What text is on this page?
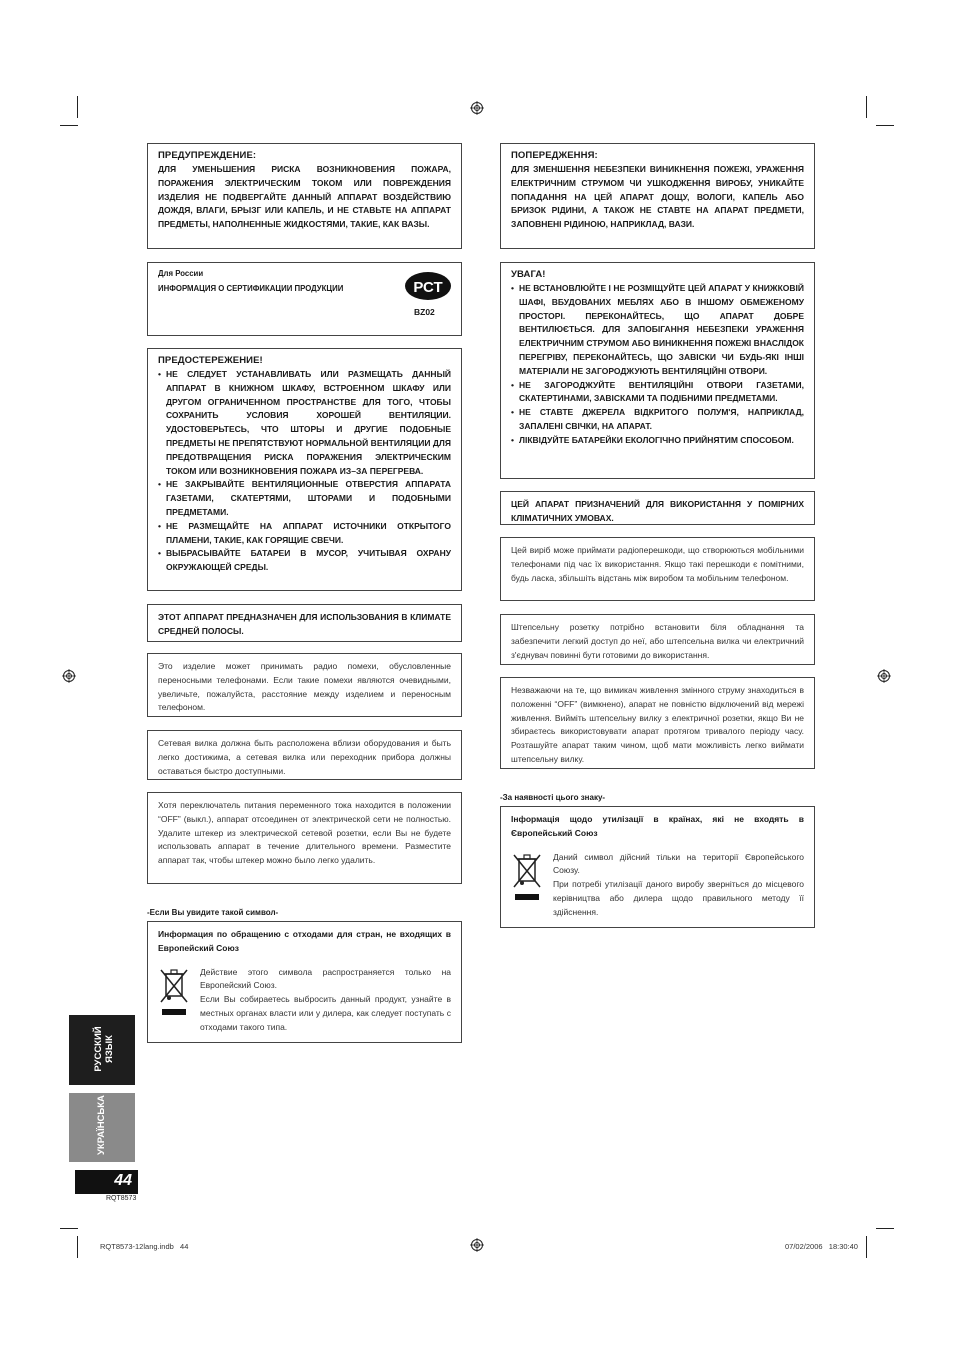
ПРЕДУПРЕЖДЕНИЕ:
ДЛЯ УМЕНЬШЕНИЯ РИСКА ВОЗНИКНОВЕНИЯ ПОЖАРА, ПОРАЖЕНИЯ ЭЛЕКТРИЧЕСКИМ ТОКОМ ИЛИ ПОВРЕЖДЕНИЯ ИЗДЕЛИЯ НЕ ПОДВЕРГАЙТЕ ДАННЫЙ АППАРАТ ВОЗДЕЙСТВИЮ ДОЖДЯ, ВЛАГИ, БРЫЗГ ИЛИ КАПЕЛЬ, И НЕ СТАВЬТЕ НА АППАРАТ ПРЕДМЕТЫ, НАПОЛНЕННЫЕ ЖИДКОСТЯМИ, ТАКИЕ, КАК ВАЗЫ.
Для России
ИНФОРМАЦИЯ О СЕРТИФИКАЦИИ ПРОДУКЦИИ	РСТ
BZ02
ПРЕДОСТЕРЕЖЕНИЕ!
• НЕ СЛЕДУЕТ УСТАНАВЛИВАТЬ ИЛИ РАЗМЕЩАТЬ ДАННЫЙ АППАРАТ В КНИЖНОМ ШКАФУ, ВСТРОЕННОМ ШКАФУ ИЛИ ДРУГОМ ОГРАНИЧЕННОМ ПРОСТРАНСТВЕ ДЛЯ ТОГО, ЧТОБЫ СОХРАНИТЬ УСЛОВИЯ ХОРОШЕЙ ВЕНТИЛЯЦИИ. УДОСТОВЕРЬТЕСЬ, ЧТО ШТОРЫ И ДРУГИЕ ПОДОБНЫЕ ПРЕДМЕТЫ НЕ ПРЕПЯТСТВУЮТ НОРМАЛЬНОЙ ВЕНТИЛЯЦИИ ДЛЯ ПРЕДОТВРАЩЕНИЯ РИСКА ПОРАЖЕНИЯ ЭЛЕКТРИЧЕСКИМ ТОКОМ ИЛИ ВОЗНИКНОВЕНИЯ ПОЖАРА ИЗ–ЗА ПЕРЕГРЕВА.
• НЕ ЗАКРЫВАЙТЕ ВЕНТИЛЯЦИОННЫЕ ОТВЕРСТИЯ АППАРАТА ГАЗЕТАМИ, СКАТЕРТЯМИ, ШТОРАМИ И ПОДОБНЫМИ ПРЕДМЕТАМИ.
• НЕ РАЗМЕЩАЙТЕ НА АППАРАТ ИСТОЧНИКИ ОТКРЫТОГО ПЛАМЕНИ, ТАКИЕ, КАК ГОРЯЩИЕ СВЕЧИ.
• ВЫБРАСЫВАЙТЕ БАТАРЕИ В МУСОР, УЧИТЫВАЯ ОХРАНУ ОКРУЖАЮЩЕЙ СРЕДЫ.
ЭТОТ АППАРАТ ПРЕДНАЗНАЧЕН ДЛЯ ИСПОЛЬЗОВАНИЯ В КЛИМАТЕ СРЕДНЕЙ ПОЛОСЫ.
Это изделие может принимать радио помехи, обусловленные переносными телефонами. Если такие помехи являются очевидными, увеличьте, пожалуйста, расстояние между изделием и переносным телефоном.
Сетевая вилка должна быть расположена вблизи оборудования и быть легко достижима, а сетевая вилка или переходник прибора должны оставаться быстро доступными.
Хотя переключатель питания переменного тока находится в положении “OFF” (выкл.), аппарат отсоединен от электрической сети не полностью. Удалите штекер из электрической сетевой розетки, если Вы не будете использовать аппарат в течение длительного времени. Разместите аппарат так, чтобы штекер можно было легко удалить.
-Если Вы увидите такой символ-
Информация по обращению с отходами для стран, не входящих в Европейский Союз
Действие этого символа распространяется только на Европейский Союз.
Если Вы собираетесь выбросить данный продукт, узнайте в местных органах власти или у дилера, как следует поступать с отходами такого типа.
ПОПЕРЕДЖЕННЯ:
ДЛЯ ЗМЕНШЕННЯ НЕБЕЗПЕКИ ВИНИКНЕННЯ ПОЖЕЖІ, УРАЖЕННЯ ЕЛЕКТРИЧНИМ СТРУМОМ ЧИ УШКОДЖЕННЯ ВИРОБУ, УНИКАЙТЕ ПОПАДАННЯ НА ЦЕЙ АПАРАТ ДОЩУ, ВОЛОГИ, КАПЕЛЬ АБО БРИЗОК РІДИНИ, А ТАКОЖ НЕ СТАВТЕ НА АПАРАТ ПРЕДМЕТИ, ЗАПОВНЕНІ РІДИНОЮ, НАПРИКЛАД, ВАЗИ.
УВАГА!
• НЕ ВСТАНОВЛЮЙТЕ І НЕ РОЗМІЩУЙТЕ ЦЕЙ АПАРАТ У КНИЖКОВІЙ ШАФІ, ВБУДОВАНИХ МЕБЛЯХ АБО В ІНШОМУ ОБМЕЖЕНОМУ ПРОСТОРІ. ПЕРЕКОНАЙТЕСЬ, ЩО АПАРАТ ДОБРЕ ВЕНТИЛЮЄТЬСЯ. ДЛЯ ЗАПОБІГАННЯ НЕБЕЗПЕКИ УРАЖЕННЯ ЕЛЕКТРИЧНИМ СТРУМОМ АБО ВИНИКНЕННЯ ПОЖЕЖІ ВНАСЛІДОК ПЕРЕГРІВУ, ПЕРЕКОНАЙТЕСЬ, ЩО ЗАВІСКИ ЧИ БУДЬ-ЯКІ ІНШІ МАТЕРІАЛИ НЕ ЗАГОРОДЖУЮТЬ ВЕНТИЛЯЦІЙНІ ОТВОРИ.
• НЕ ЗАГОРОДЖУЙТЕ ВЕНТИЛЯЦІЙНІ ОТВОРИ ГАЗЕТАМИ, СКАТЕРТИНАМИ, ЗАВІСКАМИ ТА ПОДІБНИМИ ПРЕДМЕТАМИ.
• НЕ СТАВТЕ ДЖЕРЕЛА ВІДКРИТОГО ПОЛУМ'Я, НАПРИКЛАД, ЗАПАЛЕНІ СВІЧКИ, НА АПАРАТ.
• ЛІКВІДУЙТЕ БАТАРЕЙКИ ЕКОЛОГІЧНО ПРИЙНЯТИМ СПОСОБОМ.
ЦЕЙ АПАРАТ ПРИЗНАЧЕНИЙ ДЛЯ ВИКОРИСТАННЯ У ПОМІРНИХ КЛІМАТИЧНИХ УМОВАХ.
Цей виріб може приймати радіоперешкоди, що створюються мобільними телефонами під час їх використання. Якщо такі перешкоди є помітними, будь ласка, збільшіть відстань між виробом та мобільним телефоном.
Штепсельну розетку потрібно встановити біля обладнання та забезпечити легкий доступ до неї, або штепсельна вилка чи електричний з'єднувач повинні бути готовими до використання.
Незважаючи на те, що вимикач живлення змінного струму знаходиться в положенні “OFF” (вимкнено), апарат не повністю відключений від мережі живлення. Вийміть штепсельну вилку з електричної розетки, якщо Ви не збираєтесь використовувати апарат протягом тривалого періоду часу. Розташуйте апарат таким чином, щоб мати можливість легко виймати штепсельну вилку.
-За наявності цього знаку-
Інформація щодо утилізації в країнах, які не входять в Європейський Союз
Даний символ дійсний тільки на території Європейського Союзу.
При потребі утилізації даного виробу зверніться до місцевого керівництва або дилера щодо правильного методу її здійснення.
РУССКИЙ ЯЗЫК
УКРАЇНСЬКА
44
RQT8573
RQT8573-12lang.indb   44	07/02/2006   18:30:40
